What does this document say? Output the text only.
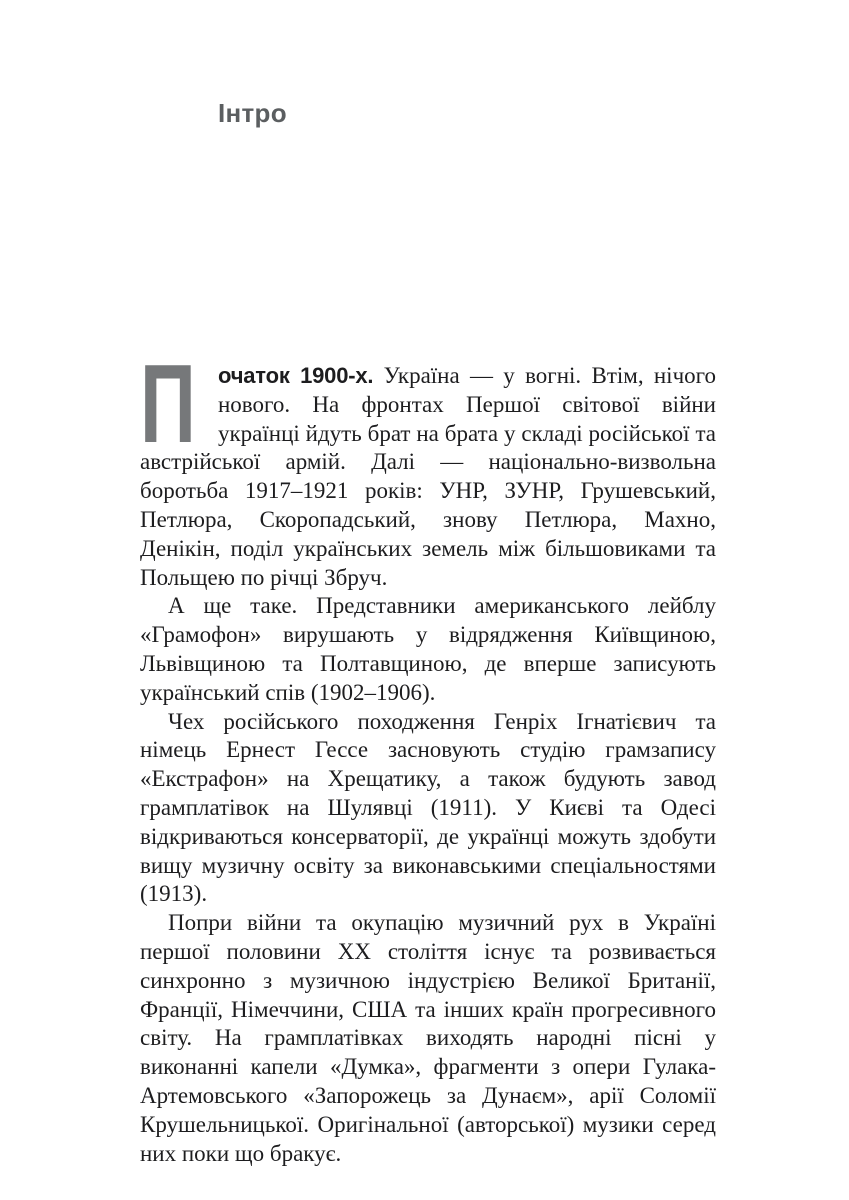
Інтро

П очаток 1900-х. Україна — у вогні. Втім, нічого нового. На фронтах Першої світової війни українці йдуть брат на брата у складі російської та австрійської армій. Далі — національно-визвольна боротьба 1917–1921 років: УНР, ЗУНР, Грушевський, Петлюра, Скоропадський, знову Петлюра, Махно, Денікін, поділ українських земель між більшовиками та Польщею по річці Збруч.

А ще таке. Представники американського лейблу «Грамофон» вирушають у відрядження Київщиною, Львівщиною та Полтавщиною, де вперше записують український спів (1902–1906).

Чех російського походження Генріх Ігнатієвич та німець Ернест Гессе засновують студію грамзапису «Екстрафон» на Хрещатику, а також будують завод грамплатівок на Шулявці (1911). У Києві та Одесі відкриваються консерваторії, де українці можуть здобути вищу музичну освіту за виконавськими спеціальностями (1913).

Попри війни та окупацію музичний рух в Україні першої половини ХХ століття існує та розвивається синхронно з музичною індустрією Великої Британії, Франції, Німеччини, США та інших країн прогресивного світу. На грамплатівках виходять народні пісні у виконанні капели «Думка», фрагменти з опери Гулака-Артемовського «Запорожець за Дунаєм», арії Соломії Крушельницької. Оригінальної (авторської) музики серед них поки що бракує.
